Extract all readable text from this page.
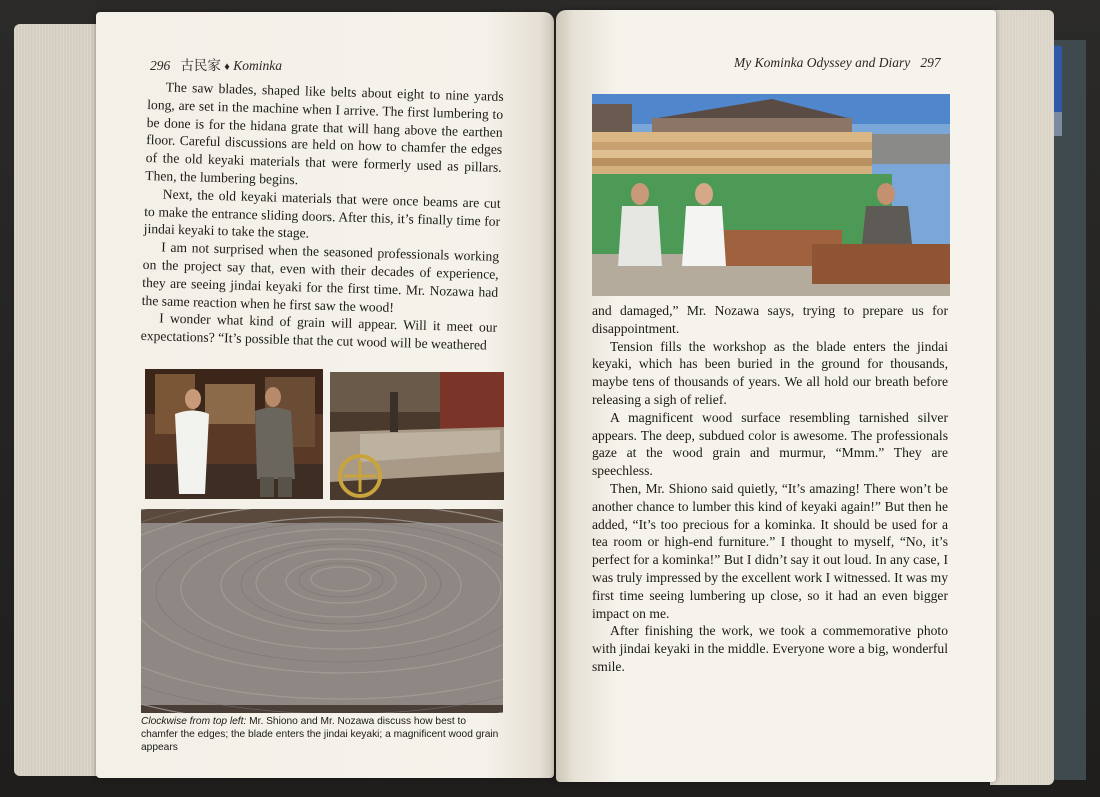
296 古民家 ♦ Kominka

The saw blades, shaped like belts about eight to nine yards long, are set in the machine when I arrive. The first lumbering to be done is for the hidana grate that will hang above the earthen floor. Careful discussions are held on how to chamfer the edges of the old keyaki materials that were formerly used as pillars. Then, the lumbering begins.

Next, the old keyaki materials that were once beams are cut to make the entrance sliding doors. After this, it’s finally time for jindai keyaki to take the stage.

I am not surprised when the seasoned professionals working on the project say that, even with their decades of experience, they are seeing jindai keyaki for the first time. Mr. Nozawa had the same reaction when he first saw the wood!

I wonder what kind of grain will appear. Will it meet our expectations? “It’s possible that the cut wood will be weathered

Clockwise from top left: Mr. Shiono and Mr. Nozawa discuss how best to chamfer the edges; the blade enters the jindai keyaki; a magnificent wood grain appears
My Kominka Odyssey and Diary 297

and damaged,” Mr. Nozawa says, trying to prepare us for disappointment.

Tension fills the workshop as the blade enters the jindai keyaki, which has been buried in the ground for thousands, maybe tens of thousands of years. We all hold our breath before releasing a sigh of relief.

A magnificent wood surface resembling tarnished silver appears. The deep, subdued color is awesome. The professionals gaze at the wood grain and murmur, “Mmm.” They are speechless.

Then, Mr. Shiono said quietly, “It’s amazing! There won’t be another chance to lumber this kind of keyaki again!” But then he added, “It’s too precious for a kominka. It should be used for a tea room or high-end furniture.” I thought to myself, “No, it’s perfect for a kominka!” But I didn’t say it out loud. In any case, I was truly impressed by the excellent work I witnessed. It was my first time seeing lumbering up close, so it had an even bigger impact on me.

After finishing the work, we took a commemorative photo with jindai keyaki in the middle. Everyone wore a big, wonderful smile.
